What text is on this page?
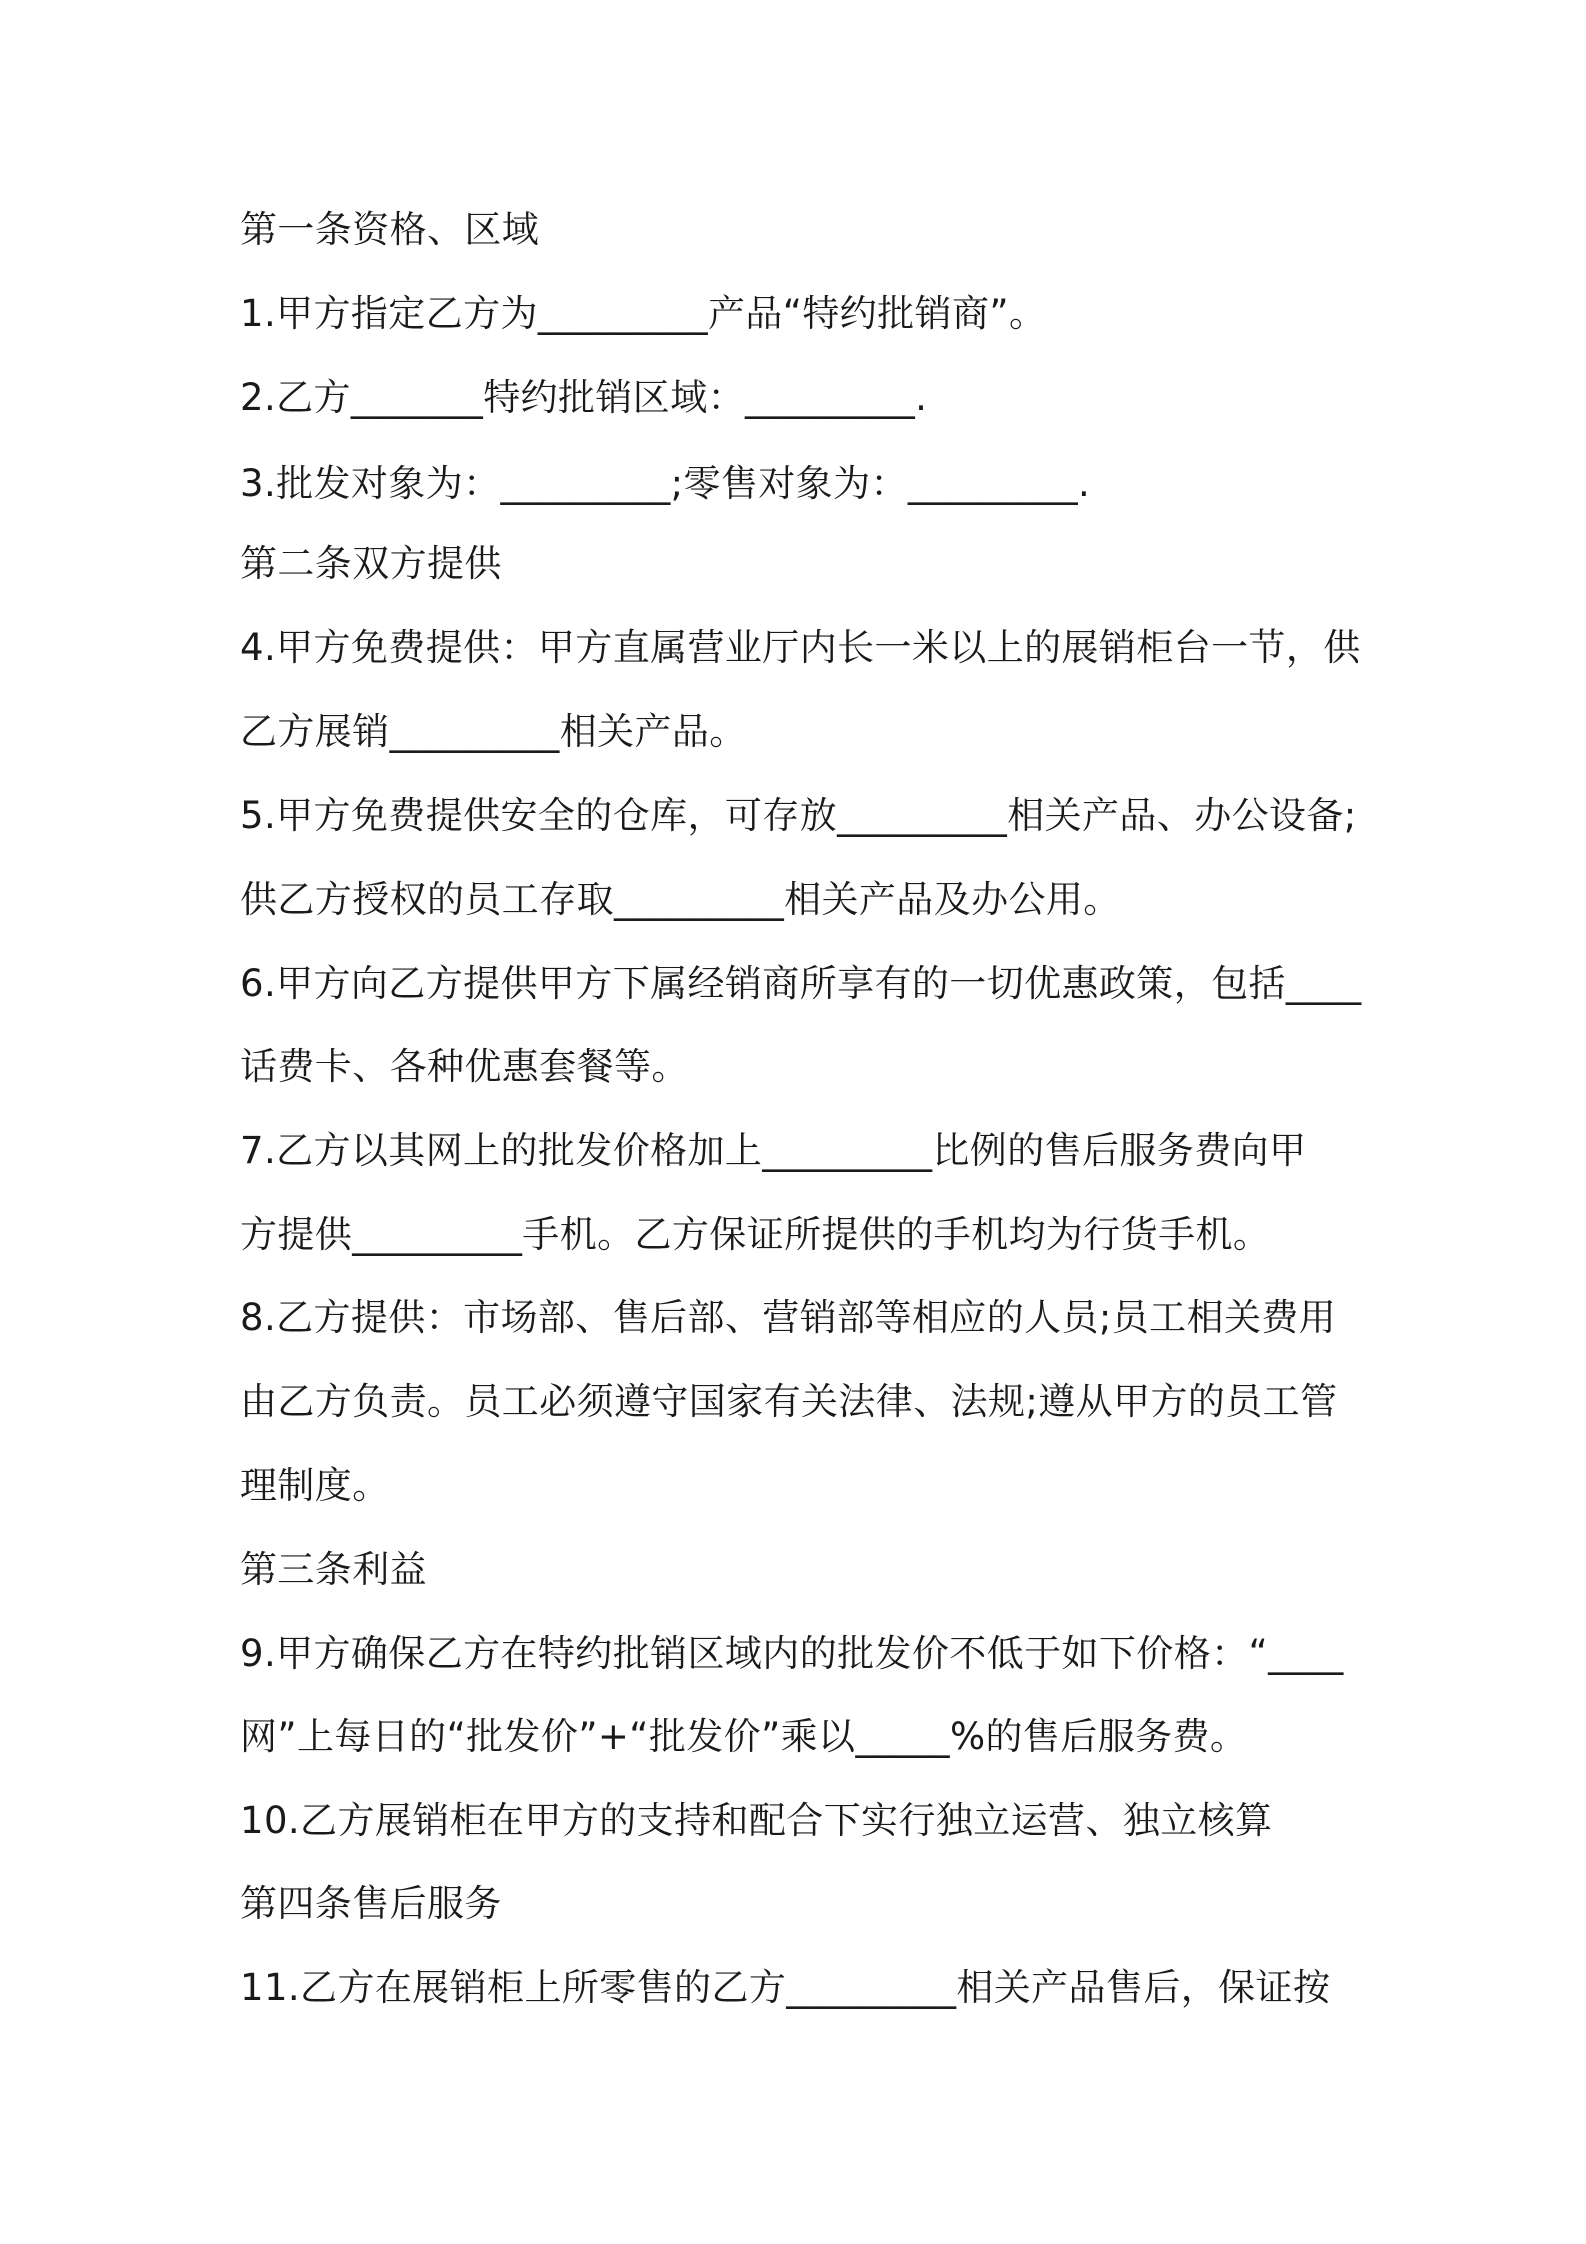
第一条资格、区域
1.甲方指定乙方为_________产品“特约批销商”。
2.乙方_______特约批销区域：_________.
3.批发对象为：_________;零售对象为：_________.
第二条双方提供
4.甲方免费提供：甲方直属营业厅内长一米以上的展销柜台一节，供
乙方展销_________相关产品。
5.甲方免费提供安全的仓库，可存放_________相关产品、办公设备;
供乙方授权的员工存取_________相关产品及办公用。
6.甲方向乙方提供甲方下属经销商所享有的一切优惠政策，包括____
话费卡、各种优惠套餐等。
7.乙方以其网上的批发价格加上_________比例的售后服务费向甲
方提供_________手机。乙方保证所提供的手机均为行货手机。
8.乙方提供：市场部、售后部、营销部等相应的人员;员工相关费用
由乙方负责。员工必须遵守国家有关法律、法规;遵从甲方的员工管
理制度。
第三条利益
9.甲方确保乙方在特约批销区域内的批发价不低于如下价格：“____
网”上每日的“批发价”+“批发价”乘以_____%的售后服务费。
10.乙方展销柜在甲方的支持和配合下实行独立运营、独立核算
第四条售后服务
11.乙方在展销柜上所零售的乙方_________相关产品售后，保证按
